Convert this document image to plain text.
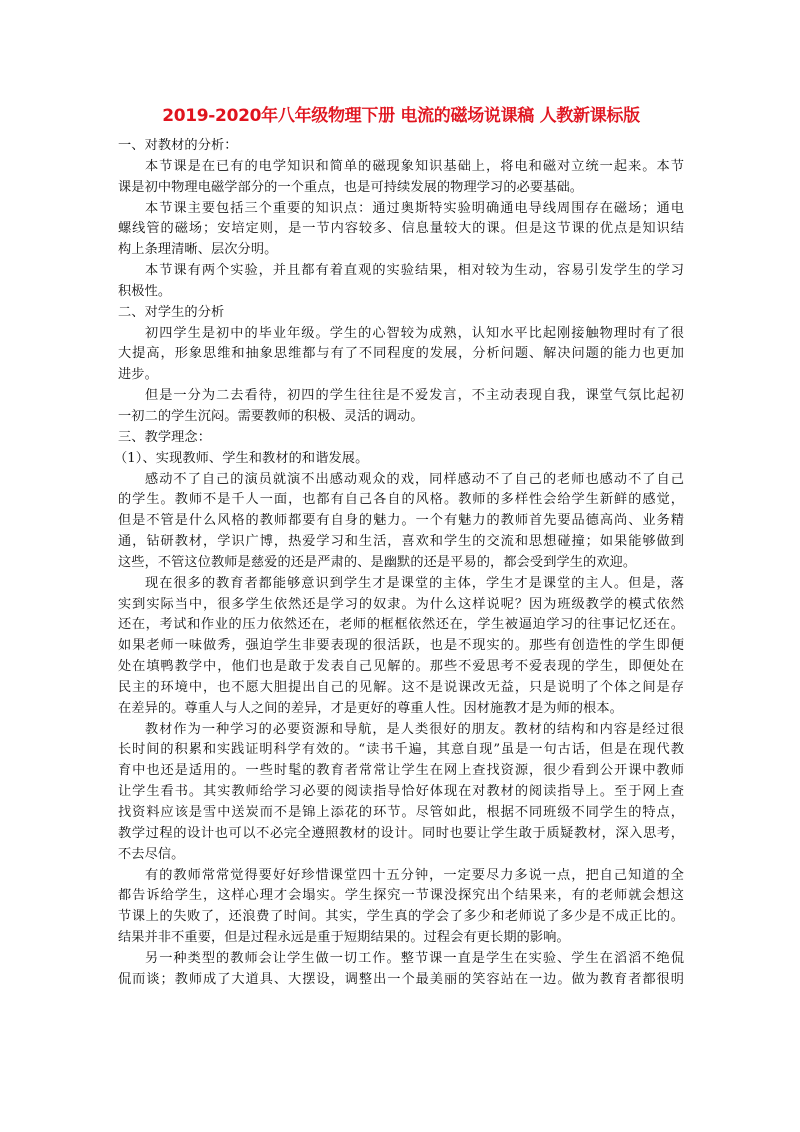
2019-2020年八年级物理下册 电流的磁场说课稿 人教新课标版

一、对教材的分析：

本节课是在已有的电学知识和简单的磁现象知识基础上，将电和磁对立统一起来。本节

课是初中物理电磁学部分的一个重点，也是可持续发展的物理学习的必要基础。

本节课主要包括三个重要的知识点：通过奥斯特实验明确通电导线周围存在磁场；通电

螺线管的磁场；安培定则，是一节内容较多、信息量较大的课。但是这节课的优点是知识结

构上条理清晰、层次分明。

本节课有两个实验，并且都有着直观的实验结果，相对较为生动，容易引发学生的学习

积极性。

二、对学生的分析

初四学生是初中的毕业年级。学生的心智较为成熟，认知水平比起刚接触物理时有了很

大提高，形象思维和抽象思维都与有了不同程度的发展，分析问题、解决问题的能力也更加

进步。

但是一分为二去看待，初四的学生往往是不爱发言，不主动表现自我，课堂气氛比起初

一初二的学生沉闷。需要教师的积极、灵活的调动。

三、教学理念：

（1）、实现教师、学生和教材的和谐发展。

感动不了自己的演员就演不出感动观众的戏，同样感动不了自己的老师也感动不了自己

的学生。教师不是千人一面，也都有自己各自的风格。教师的多样性会给学生新鲜的感觉，

但是不管是什么风格的教师都要有自身的魅力。一个有魅力的教师首先要品德高尚、业务精

通，钻研教材，学识广博，热爱学习和生活，喜欢和学生的交流和思想碰撞；如果能够做到

这些，不管这位教师是慈爱的还是严肃的、是幽默的还是平易的，都会受到学生的欢迎。

现在很多的教育者都能够意识到学生才是课堂的主体，学生才是课堂的主人。但是，落

实到实际当中，很多学生依然还是学习的奴隶。为什么这样说呢？因为班级教学的模式依然

还在，考试和作业的压力依然还在，老师的框框依然还在，学生被逼迫学习的往事记忆还在。

如果老师一味做秀，强迫学生非要表现的很活跃，也是不现实的。那些有创造性的学生即便

处在填鸭教学中，他们也是敢于发表自己见解的。那些不爱思考不爱表现的学生，即便处在

民主的环境中，也不愿大胆提出自己的见解。这不是说课改无益，只是说明了个体之间是存

在差异的。尊重人与人之间的差异，才是更好的尊重人性。因材施教才是为师的根本。

教材作为一种学习的必要资源和导航，是人类很好的朋友。教材的结构和内容是经过很

长时间的积累和实践证明科学有效的。“读书千遍，其意自现”虽是一句古话，但是在现代教

育中也还是适用的。一些时髦的教育者常常让学生在网上查找资源，很少看到公开课中教师

让学生看书。其实教师给学习必要的阅读指导恰好体现在对教材的阅读指导上。至于网上查

找资料应该是雪中送炭而不是锦上添花的环节。尽管如此，根据不同班级不同学生的特点，

教学过程的设计也可以不必完全遵照教材的设计。同时也要让学生敢于质疑教材，深入思考，

不去尽信。

有的教师常常觉得要好好珍惜课堂四十五分钟，一定要尽力多说一点，把自己知道的全

都告诉给学生，这样心理才会塌实。学生探究一节课没探究出个结果来，有的老师就会想这

节课上的失败了，还浪费了时间。其实，学生真的学会了多少和老师说了多少是不成正比的。

结果并非不重要，但是过程永远是重于短期结果的。过程会有更长期的影响。

另一种类型的教师会让学生做一切工作。整节课一直是学生在实验、学生在滔滔不绝侃

侃而谈；教师成了大道具、大摆设，调整出一个最美丽的笑容站在一边。做为教育者都很明
